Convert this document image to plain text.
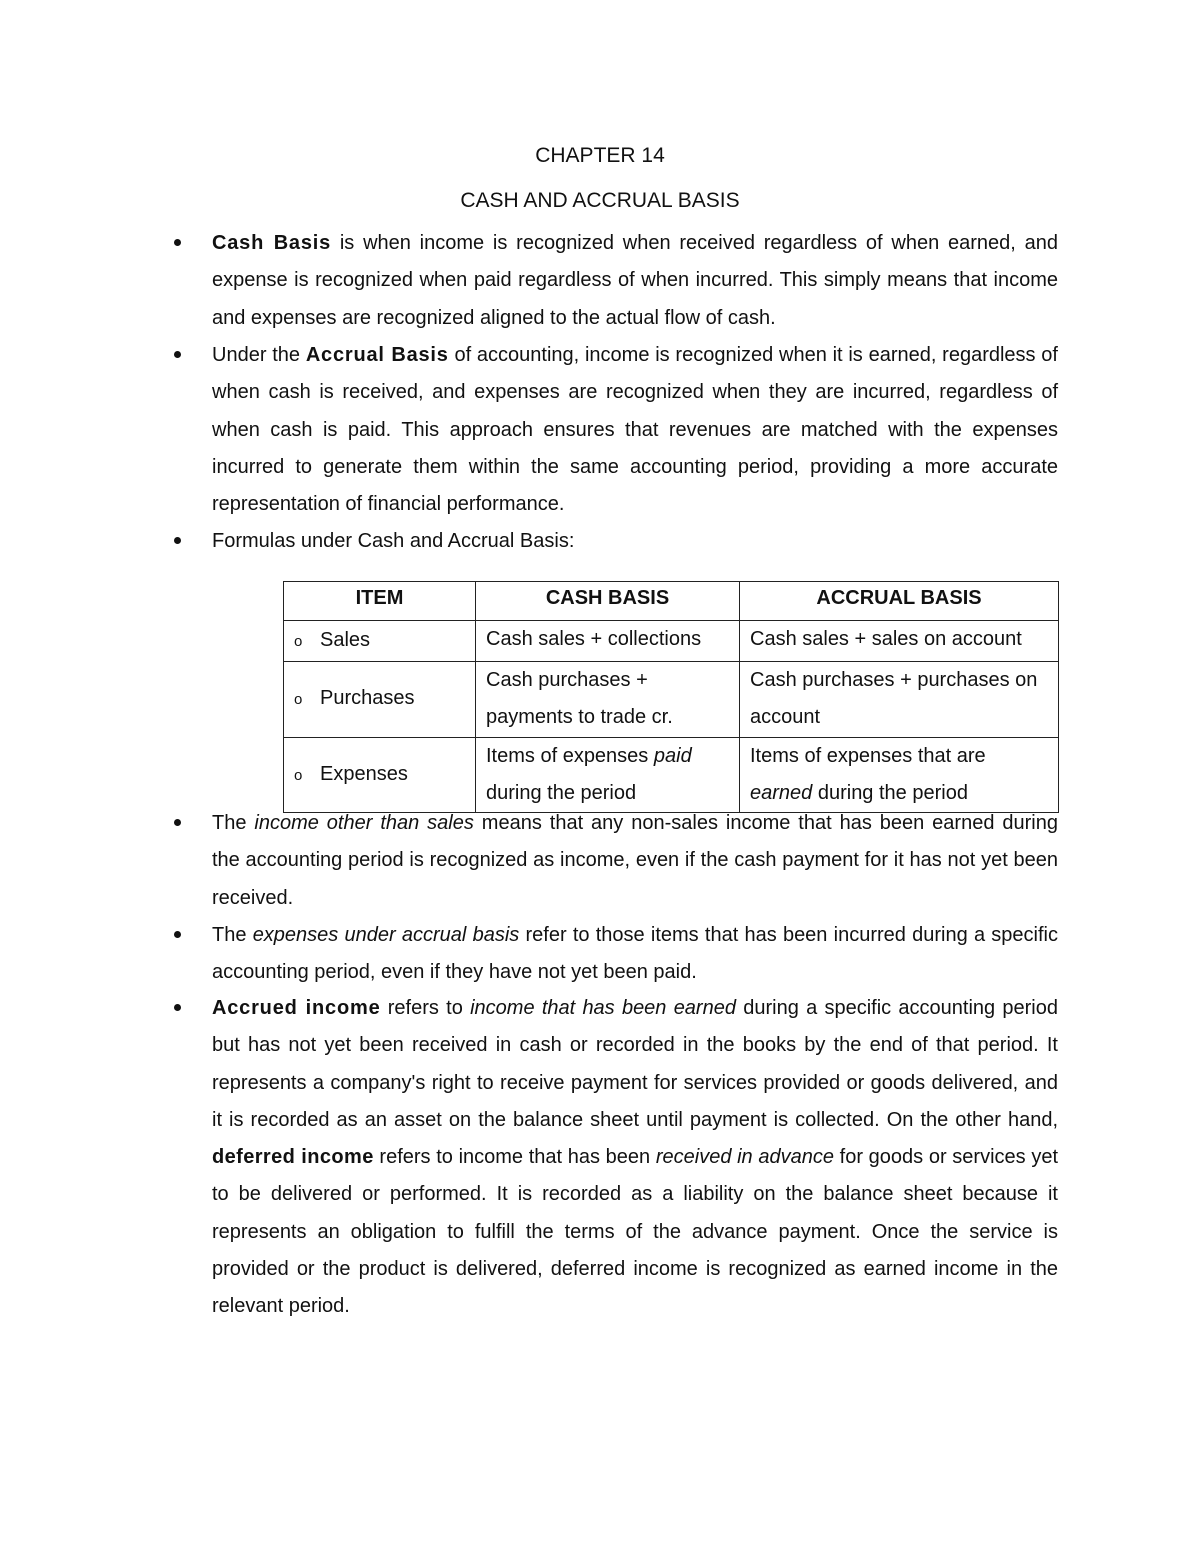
CHAPTER 14
CASH AND ACCRUAL BASIS
Cash Basis is when income is recognized when received regardless of when earned, and expense is recognized when paid regardless of when incurred. This simply means that income and expenses are recognized aligned to the actual flow of cash.
Under the Accrual Basis of accounting, income is recognized when it is earned, regardless of when cash is received, and expenses are recognized when they are incurred, regardless of when cash is paid. This approach ensures that revenues are matched with the expenses incurred to generate them within the same accounting period, providing a more accurate representation of financial performance.
Formulas under Cash and Accrual Basis:
ITEM	CASH BASIS	ACCRUAL BASIS
o Sales	Cash sales + collections	Cash sales + sales on account
o Purchases	Cash purchases + payments to trade cr.	Cash purchases + purchases on account
o Expenses	Items of expenses paid during the period	Items of expenses that are earned during the period
The income other than sales means that any non-sales income that has been earned during the accounting period is recognized as income, even if the cash payment for it has not yet been received.
The expenses under accrual basis refer to those items that has been incurred during a specific accounting period, even if they have not yet been paid.
Accrued income refers to income that has been earned during a specific accounting period but has not yet been received in cash or recorded in the books by the end of that period. It represents a company's right to receive payment for services provided or goods delivered, and it is recorded as an asset on the balance sheet until payment is collected. On the other hand, deferred income refers to income that has been received in advance for goods or services yet to be delivered or performed. It is recorded as a liability on the balance sheet because it represents an obligation to fulfill the terms of the advance payment. Once the service is provided or the product is delivered, deferred income is recognized as earned income in the relevant period.
